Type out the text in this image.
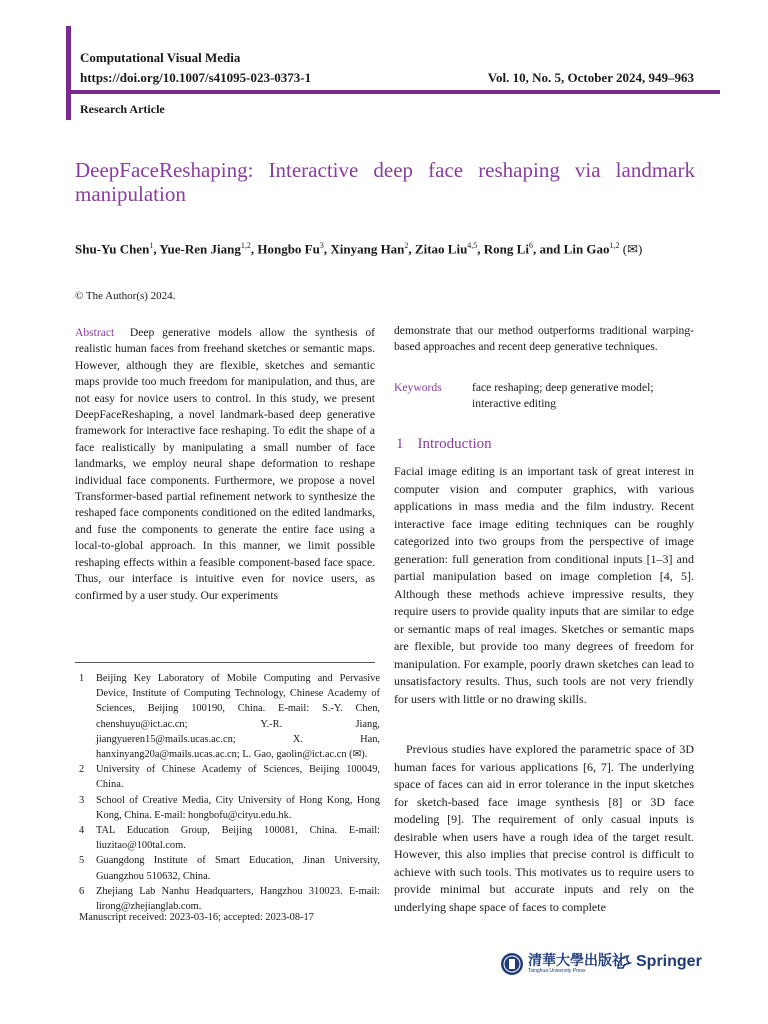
Computational Visual Media
https://doi.org/10.1007/s41095-023-0373-1	Vol. 10, No. 5, October 2024, 949–963
Research Article
DeepFaceReshaping: Interactive deep face reshaping via landmark manipulation
Shu-Yu Chen$^1$, Yue-Ren Jiang$^{1,2}$, Hongbo Fu$^3$, Xinyang Han$^2$, Zitao Liu$^{4,5}$, Rong Li$^6$, and Lin Gao$^{1,2}$ (✉)
© The Author(s) 2024.
Abstract Deep generative models allow the synthesis of realistic human faces from freehand sketches or semantic maps. However, although they are flexible, sketches and semantic maps provide too much freedom for manipulation, and thus, are not easy for novice users to control. In this study, we present DeepFaceReshaping, a novel landmark-based deep generative framework for interactive face reshaping. To edit the shape of a face realistically by manipulating a small number of face landmarks, we employ neural shape deformation to reshape individual face components. Furthermore, we propose a novel Transformer-based partial refinement network to synthesize the reshaped face components conditioned on the edited landmarks, and fuse the components to generate the entire face using a local-to-global approach. In this manner, we limit possible reshaping effects within a feasible component-based face space. Thus, our interface is intuitive even for novice users, as confirmed by a user study. Our experiments
demonstrate that our method outperforms traditional warping-based approaches and recent deep generative techniques.
Keywords	face reshaping; deep generative model; interactive editing
1 Introduction
Facial image editing is an important task of great interest in computer vision and computer graphics, with various applications in mass media and the film industry. Recent interactive face image editing techniques can be roughly categorized into two groups from the perspective of image generation: full generation from conditional inputs [1–3] and partial manipulation based on image completion [4, 5]. Although these methods achieve impressive results, they require users to provide quality inputs that are similar to edge or semantic maps of real images. Sketches or semantic maps are flexible, but provide too many degrees of freedom for manipulation. For example, poorly drawn sketches can lead to unsatisfactory results. Thus, such tools are not very friendly for users with little or no drawing skills.
Previous studies have explored the parametric space of 3D human faces for various applications [6, 7]. The underlying space of faces can aid in error tolerance in the input sketches for sketch-based face image synthesis [8] or 3D face modeling [9]. The requirement of only casual inputs is desirable when users have a rough idea of the target result. However, this also implies that precise control is difficult to achieve with such tools. This motivates us to require users to provide minimal but accurate inputs and rely on the underlying shape space of faces to complete
1	Beijing Key Laboratory of Mobile Computing and Pervasive Device, Institute of Computing Technology, Chinese Academy of Sciences, Beijing 100190, China. E-mail: S.-Y. Chen, chenshuyu@ict.ac.cn; Y.-R. Jiang, jiangyueren15@mails.ucas.ac.cn; X. Han, hanxinyang20a@mails.ucas.ac.cn; L. Gao, gaolin@ict.ac.cn (✉).
2	University of Chinese Academy of Sciences, Beijing 100049, China.
3	School of Creative Media, City University of Hong Kong, Hong Kong, China. E-mail: hongbofu@cityu.edu.hk.
4	TAL Education Group, Beijing 100081, China. E-mail: liuzitao@100tal.com.
5	Guangdong Institute of Smart Education, Jinan University, Guangzhou 510632, China.
6	Zhejiang Lab Nanhu Headquarters, Hangzhou 310023. E-mail: lirong@zhejianglab.com.
Manuscript received: 2023-03-16; accepted: 2023-08-17
清華大學出版社
Tsinghua University Press
Springer
